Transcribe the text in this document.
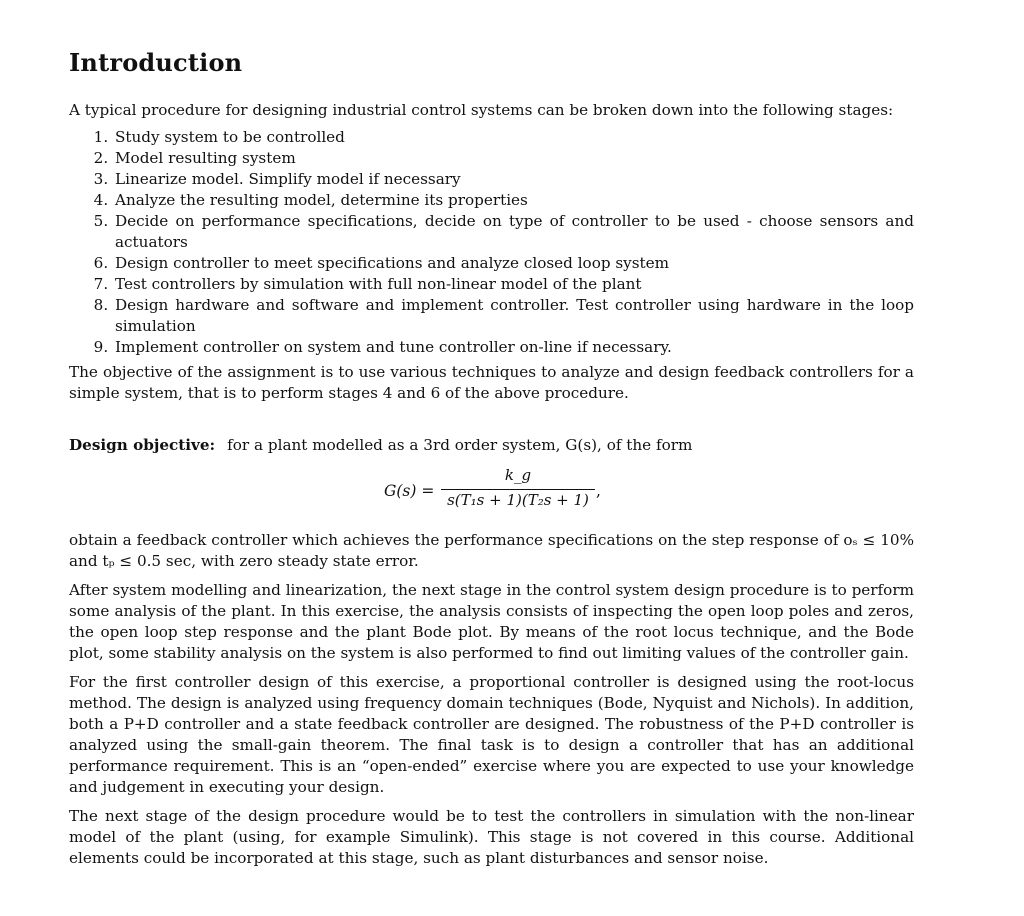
Introduction

A typical procedure for designing industrial control systems can be broken down into the following stages:

1. Study system to be controlled
2. Model resulting system
3. Linearize model. Simplify model if necessary
4. Analyze the resulting model, determine its properties
5. Decide on performance specifications, decide on type of controller to be used - choose sensors and actuators
6. Design controller to meet specifications and analyze closed loop system
7. Test controllers by simulation with full non-linear model of the plant
8. Design hardware and software and implement controller. Test controller using hardware in the loop simulation
9. Implement controller on system and tune controller on-line if necessary.

The objective of the assignment is to use various techniques to analyze and design feedback controllers for a simple system, that is to perform stages 4 and 6 of the above procedure.

Design objective: for a plant modelled as a 3rd order system, G(s), of the form
G(s) =
k_g
s(T₁s + 1)(T₂s + 1) ,

obtain a feedback controller which achieves the performance specifications on the step response of oₛ ≤ 10% and tₚ ≤ 0.5 sec, with zero steady state error.

After system modelling and linearization, the next stage in the control system design procedure is to perform some analysis of the plant. In this exercise, the analysis consists of inspecting the open loop poles and zeros, the open loop step response and the plant Bode plot. By means of the root locus technique, and the Bode plot, some stability analysis on the system is also performed to find out limiting values of the controller gain.

For the first controller design of this exercise, a proportional controller is designed using the root-locus method. The design is analyzed using frequency domain techniques (Bode, Nyquist and Nichols). In addition, both a P+D controller and a state feedback controller are designed. The robustness of the P+D controller is analyzed using the small-gain theorem. The final task is to design a controller that has an additional performance requirement. This is an “open-ended” exercise where you are expected to use your knowledge and judgement in executing your design.

The next stage of the design procedure would be to test the controllers in simulation with the non-linear model of the plant (using, for example Simulink). This stage is not covered in this course. Additional elements could be incorporated at this stage, such as plant disturbances and sensor noise.
